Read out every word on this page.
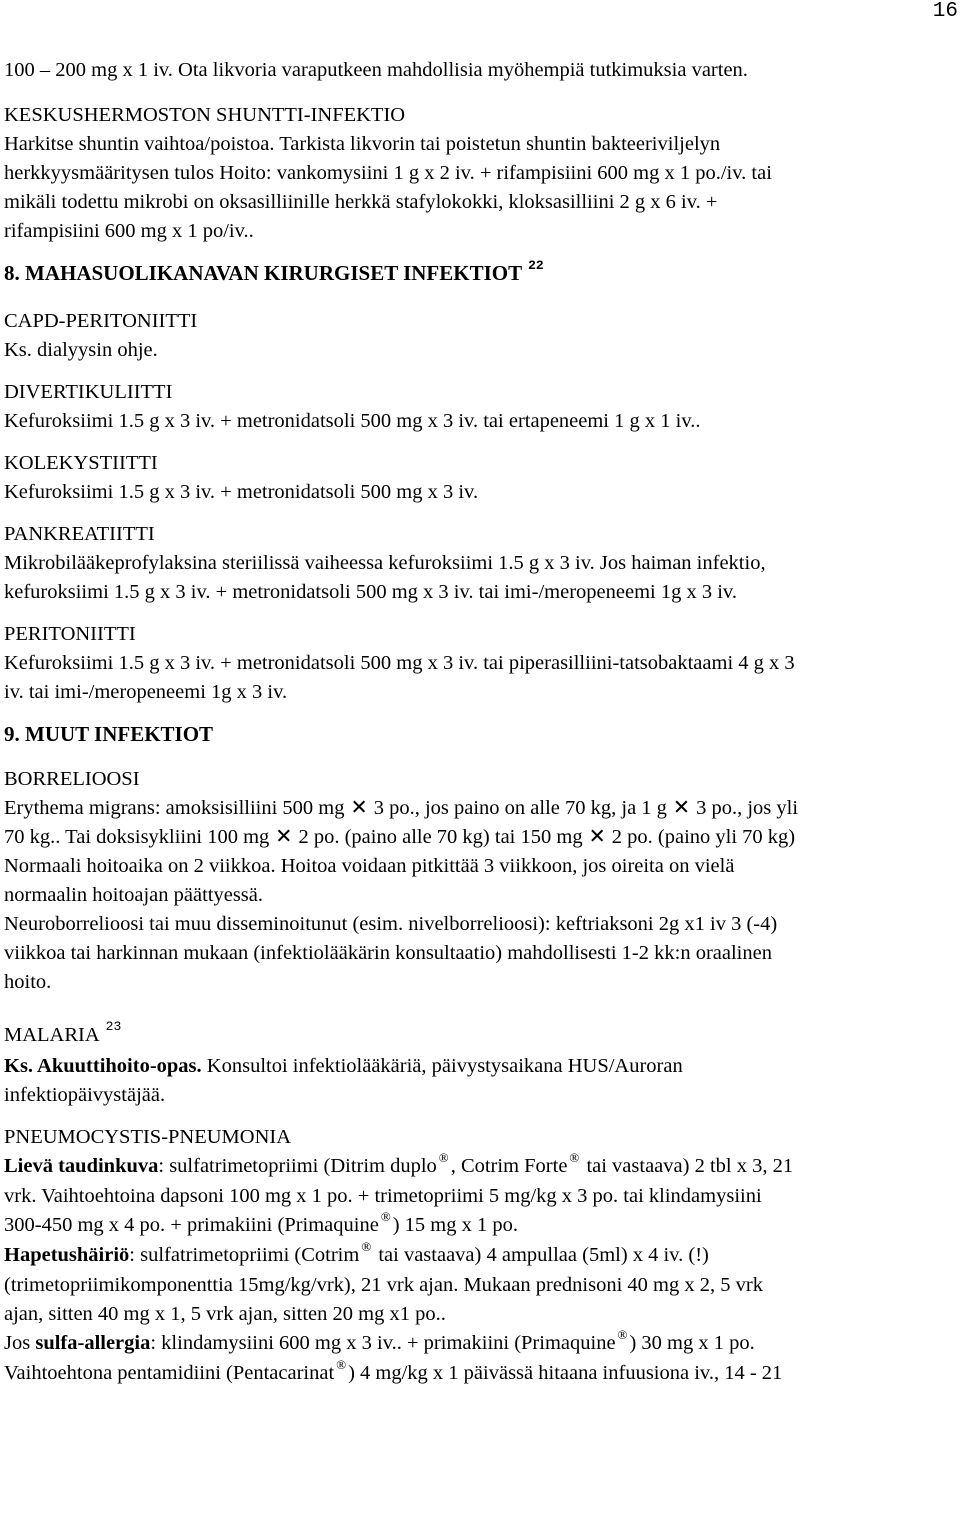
16

100 – 200 mg x 1 iv. Ota likvoria varaputkeen mahdollisia myöhempiä tutkimuksia varten.

KESKUSHERMOSTON SHUNTTI-INFEKTIO

Harkitse shuntin vaihtoa/poistoa. Tarkista likvorin tai poistetun shuntin bakteeriviljelyn

herkkyysmääritysen tulos Hoito: vankomysiini 1 g x 2 iv. + rifampisiini 600 mg x 1 po./iv. tai

mikäli todettu mikrobi on oksasilliinille herkkä stafylokokki, kloksasilliini 2 g x 6 iv. +

rifampisiini 600 mg x 1 po/iv..

8. MAHASUOLIKANAVAN KIRURGISET INFEKTIOT $^{22}$

CAPD-PERITONIITTI

Ks. dialyysin ohje.

DIVERTIKULIITTI

Kefuroksiimi 1.5 g x 3 iv. + metronidatsoli 500 mg x 3 iv. tai ertapeneemi 1 g x 1 iv..

KOLEKYSTIITTI

Kefuroksiimi 1.5 g x 3 iv. + metronidatsoli 500 mg x 3 iv.

PANKREATIITTI

Mikrobilääkeprofylaksina steriilissä vaiheessa kefuroksiimi 1.5 g x 3 iv. Jos haiman infektio,

kefuroksiimi 1.5 g x 3 iv. + metronidatsoli 500 mg x 3 iv. tai imi-/meropeneemi 1g x 3 iv.

PERITONIITTI

Kefuroksiimi 1.5 g x 3 iv. + metronidatsoli 500 mg x 3 iv. tai piperasilliini-tatsobaktaami 4 g x 3

iv. tai imi-/meropeneemi 1g x 3 iv.

9. MUUT INFEKTIOT

BORRELIOOSI

Erythema migrans: amoksisilliini 500 mg ✕ 3 po., jos paino on alle 70 kg, ja 1 g ✕ 3 po., jos yli

70 kg.. Tai doksisykliini 100 mg ✕ 2 po. (paino alle 70 kg) tai 150 mg ✕ 2 po. (paino yli 70 kg)

Normaali hoitoaika on 2 viikkoa. Hoitoa voidaan pitkittää 3 viikkoon, jos oireita on vielä

normaalin hoitoajan päättyessä.

Neuroborrelioosi tai muu disseminoitunut (esim. nivelborrelioosi): keftriaksoni 2g x1 iv 3 (-4)

viikkoa tai harkinnan mukaan (infektiolääkärin konsultaatio) mahdollisesti 1-2 kk:n oraalinen

hoito.

MALARIA $^{23}$

Ks. Akuuttihoito-opas. Konsultoi infektiolääkäriä, päivystysaikana HUS/Auroran

infektiopäivystäjää.

PNEUMOCYSTIS-PNEUMONIA

Lievä taudinkuva: sulfatrimetopriimi (Ditrim duplo ®, Cotrim Forte ® tai vastaava) 2 tbl x 3, 21

vrk. Vaihtoehtoina dapsoni 100 mg x 1 po. + trimetopriimi 5 mg/kg x 3 po. tai klindamysiini

300-450 mg x 4 po. + primakiini (Primaquine ®) 15 mg x 1 po.

Hapetushäiriö: sulfatrimetopriimi (Cotrim ® tai vastaava) 4 ampullaa (5ml) x 4 iv. (!)

(trimetopriimikomponenttia 15mg/kg/vrk), 21 vrk ajan. Mukaan prednisoni 40 mg x 2, 5 vrk

ajan, sitten 40 mg x 1, 5 vrk ajan, sitten 20 mg x1 po..

Jos sulfa-allergia: klindamysiini 600 mg x 3 iv.. + primakiini (Primaquine ®) 30 mg x 1 po.

Vaihtoehtona pentamidiini (Pentacarinat ®) 4 mg/kg x 1 päivässä hitaana infuusiona iv., 14 - 21
